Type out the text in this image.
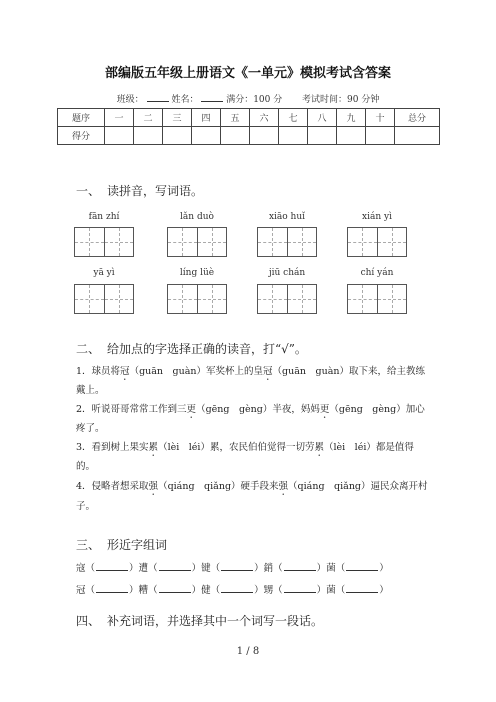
部编版五年级上册语文《一单元》模拟考试含答案
班级：	姓名：	满分：100 分 考试时间：90 分钟
题序	一	二	三	四	五	六	七	八	九	十	总分
得分											
一、 读拼音，写词语。
fān zhí	lǎn duò	xiāo huǐ	xián yì
yā yì	líng lüè	jiū chán	chí yán
二、 给加点的字选择正确的读音，打“√”。
1．球员将冠（guān　guàn）军奖杯上的皇冠（guān　guàn）取下来，给主教练
戴上。
2．听说哥哥常常工作到三更（gēng　gèng）半夜，妈妈更（gēng　gèng）加心
疼了。
3．看到树上果实累（lèi　léi）累，农民伯伯觉得一切劳累（lèi　léi）都是值得
的。
4．侵略者想采取强（qiáng　qiǎng）硬手段来强（qiáng　qiǎng）逼民众离开村
子。
三、 形近字组词
寇（	）遭（	）键（	）銷（	）菌（	）
冠（	）糟（	）健（	）甥（	）菌（	）
四、 补充词语，并选择其中一个词写一段话。
1 / 8
